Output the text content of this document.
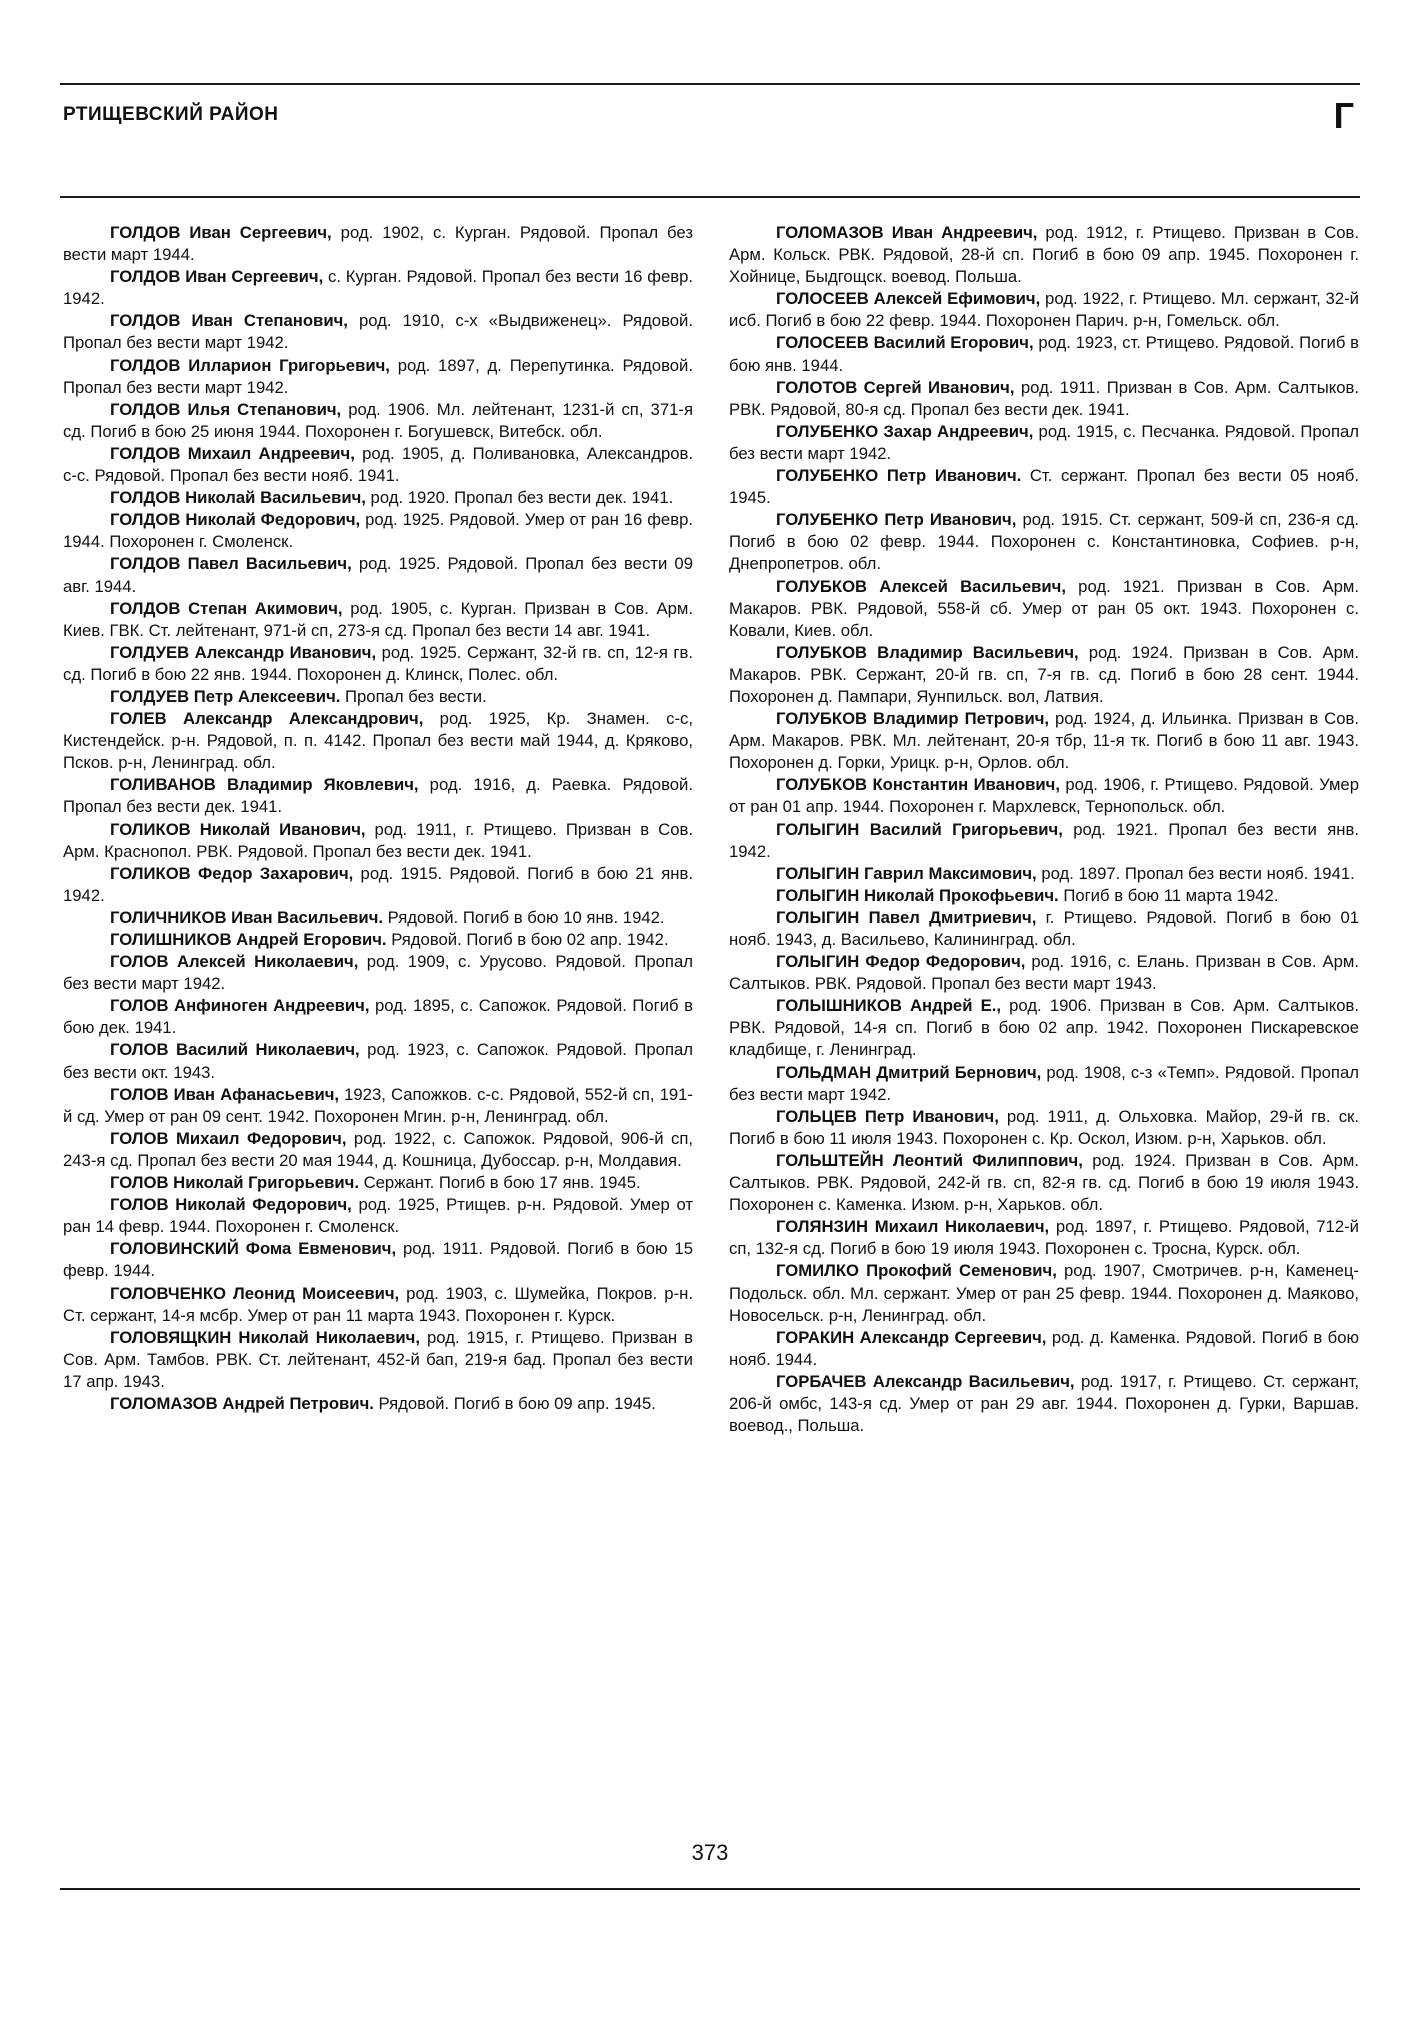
РТИЩЕВСКИЙ РАЙОН	Г

ГОЛДОВ Иван Сергеевич, род. 1902, с. Курган. Рядовой. Пропал без вести март 1944.

ГОЛДОВ Иван Сергеевич, с. Курган. Рядовой. Пропал без вести 16 февр. 1942.

ГОЛДОВ Иван Степанович, род. 1910, с-х «Выдвиженец». Рядовой. Пропал без вести март 1942.

ГОЛДОВ Илларион Григорьевич, род. 1897, д. Перепутинка. Рядовой. Пропал без вести март 1942.

ГОЛДОВ Илья Степанович, род. 1906. Мл. лейтенант, 1231-й сп, 371-я сд. Погиб в бою 25 июня 1944. Похоронен г. Богушевск, Витебск. обл.

ГОЛДОВ Михаил Андреевич, род. 1905, д. Поливановка, Александров. с-с. Рядовой. Пропал без вести нояб. 1941.

ГОЛДОВ Николай Васильевич, род. 1920. Пропал без вести дек. 1941.

ГОЛДОВ Николай Федорович, род. 1925. Рядовой. Умер от ран 16 февр. 1944. Похоронен г. Смоленск.

ГОЛДОВ Павел Васильевич, род. 1925. Рядовой. Пропал без вести 09 авг. 1944.

ГОЛДОВ Степан Акимович, род. 1905, с. Курган. Призван в Сов. Арм. Киев. ГВК. Ст. лейтенант, 971-й сп, 273-я сд. Пропал без вести 14 авг. 1941.

ГОЛДУЕВ Александр Иванович, род. 1925. Сержант, 32-й гв. сп, 12-я гв. сд. Погиб в бою 22 янв. 1944. Похоронен д. Клинск, Полес. обл.

ГОЛДУЕВ Петр Алексеевич. Пропал без вести.

ГОЛЕВ Александр Александрович, род. 1925, Кр. Знамен. с-с, Кистендейск. р-н. Рядовой, п. п. 4142. Пропал без вести май 1944, д. Кряково, Псков. р-н, Ленинград. обл.

ГОЛИВАНОВ Владимир Яковлевич, род. 1916, д. Раевка. Рядовой. Пропал без вести дек. 1941.

ГОЛИКОВ Николай Иванович, род. 1911, г. Ртищево. Призван в Сов. Арм. Краснопол. РВК. Рядовой. Пропал без вести дек. 1941.

ГОЛИКОВ Федор Захарович, род. 1915. Рядовой. Погиб в бою 21 янв. 1942.

ГОЛИЧНИКОВ Иван Васильевич. Рядовой. Погиб в бою 10 янв. 1942.

ГОЛИШНИКОВ Андрей Егорович. Рядовой. Погиб в бою 02 апр. 1942.

ГОЛОВ Алексей Николаевич, род. 1909, с. Урусово. Рядовой. Пропал без вести март 1942.

ГОЛОВ Анфиноген Андреевич, род. 1895, с. Сапожок. Рядовой. Погиб в бою дек. 1941.

ГОЛОВ Василий Николаевич, род. 1923, с. Сапожок. Рядовой. Пропал без вести окт. 1943.

ГОЛОВ Иван Афанасьевич, 1923, Сапожков. с-с. Рядовой, 552-й сп, 191-й сд. Умер от ран 09 сент. 1942. Похоронен Мгин. р-н, Ленинград. обл.

ГОЛОВ Михаил Федорович, род. 1922, с. Сапожок. Рядовой, 906-й сп, 243-я сд. Пропал без вести 20 мая 1944, д. Кошница, Дубоссар. р-н, Молдавия.

ГОЛОВ Николай Григорьевич. Сержант. Погиб в бою 17 янв. 1945.

ГОЛОВ Николай Федорович, род. 1925, Ртищев. р-н. Рядовой. Умер от ран 14 февр. 1944. Похоронен г. Смоленск.

ГОЛОВИНСКИЙ Фома Евменович, род. 1911. Рядовой. Погиб в бою 15 февр. 1944.

ГОЛОВЧЕНКО Леонид Моисеевич, род. 1903, с. Шумейка, Покров. р-н. Ст. сержант, 14-я мсбр. Умер от ран 11 марта 1943. Похоронен г. Курск.

ГОЛОВЯЩКИН Николай Николаевич, род. 1915, г. Ртищево. Призван в Сов. Арм. Тамбов. РВК. Ст. лейтенант, 452-й бап, 219-я бад. Пропал без вести 17 апр. 1943.

ГОЛОМАЗОВ Андрей Петрович. Рядовой. Погиб в бою 09 апр. 1945.

ГОЛОМАЗОВ Иван Андреевич, род. 1912, г. Ртищево. Призван в Сов. Арм. Кольск. РВК. Рядовой, 28-й сп. Погиб в бою 09 апр. 1945. Похоронен г. Хойнице, Быдгощск. воевод. Польша.

ГОЛОСЕЕВ Алексей Ефимович, род. 1922, г. Ртищево. Мл. сержант, 32-й исб. Погиб в бою 22 февр. 1944. Похоронен Парич. р-н, Гомельск. обл.

ГОЛОСЕЕВ Василий Егорович, род. 1923, ст. Ртищево. Рядовой. Погиб в бою янв. 1944.

ГОЛОТОВ Сергей Иванович, род. 1911. Призван в Сов. Арм. Салтыков. РВК. Рядовой, 80-я сд. Пропал без вести дек. 1941.

ГОЛУБЕНКО Захар Андреевич, род. 1915, с. Песчанка. Рядовой. Пропал без вести март 1942.

ГОЛУБЕНКО Петр Иванович. Ст. сержант. Пропал без вести 05 нояб. 1945.

ГОЛУБЕНКО Петр Иванович, род. 1915. Ст. сержант, 509-й сп, 236-я сд. Погиб в бою 02 февр. 1944. Похоронен с. Константиновка, Софиев. р-н, Днепропетров. обл.

ГОЛУБКОВ Алексей Васильевич, род. 1921. Призван в Сов. Арм. Макаров. РВК. Рядовой, 558-й сб. Умер от ран 05 окт. 1943. Похоронен с. Ковали, Киев. обл.

ГОЛУБКОВ Владимир Васильевич, род. 1924. Призван в Сов. Арм. Макаров. РВК. Сержант, 20-й гв. сп, 7-я гв. сд. Погиб в бою 28 сент. 1944. Похоронен д. Пампари, Яунпильск. вол, Латвия.

ГОЛУБКОВ Владимир Петрович, род. 1924, д. Ильинка. Призван в Сов. Арм. Макаров. РВК. Мл. лейтенант, 20-я тбр, 11-я тк. Погиб в бою 11 авг. 1943. Похоронен д. Горки, Урицк. р-н, Орлов. обл.

ГОЛУБКОВ Константин Иванович, род. 1906, г. Ртищево. Рядовой. Умер от ран 01 апр. 1944. Похоронен г. Мархлевск, Тернопольск. обл.

ГОЛЫГИН Василий Григорьевич, род. 1921. Пропал без вести янв. 1942.

ГОЛЫГИН Гаврил Максимович, род. 1897. Пропал без вести нояб. 1941.

ГОЛЫГИН Николай Прокофьевич. Погиб в бою 11 марта 1942.

ГОЛЫГИН Павел Дмитриевич, г. Ртищево. Рядовой. Погиб в бою 01 нояб. 1943, д. Васильево, Калининград. обл.

ГОЛЫГИН Федор Федорович, род. 1916, с. Елань. Призван в Сов. Арм. Салтыков. РВК. Рядовой. Пропал без вести март 1943.

ГОЛЫШНИКОВ Андрей Е., род. 1906. Призван в Сов. Арм. Салтыков. РВК. Рядовой, 14-я сп. Погиб в бою 02 апр. 1942. Похоронен Пискаревское кладбище, г. Ленинград.

ГОЛЬДМАН Дмитрий Бернович, род. 1908, с-з «Темп». Рядовой. Пропал без вести март 1942.

ГОЛЬЦЕВ Петр Иванович, род. 1911, д. Ольховка. Майор, 29-й гв. ск. Погиб в бою 11 июля 1943. Похоронен с. Кр. Оскол, Изюм. р-н, Харьков. обл.

ГОЛЬШТЕЙН Леонтий Филиппович, род. 1924. Призван в Сов. Арм. Салтыков. РВК. Рядовой, 242-й гв. сп, 82-я гв. сд. Погиб в бою 19 июля 1943. Похоронен с. Каменка. Изюм. р-н, Харьков. обл.

ГОЛЯНЗИН Михаил Николаевич, род. 1897, г. Ртищево. Рядовой, 712-й сп, 132-я сд. Погиб в бою 19 июля 1943. Похоронен с. Тросна, Курск. обл.

ГОМИЛКО Прокофий Семенович, род. 1907, Смотричев. р-н, Каменец-Подольск. обл. Мл. сержант. Умер от ран 25 февр. 1944. Похоронен д. Маяково, Новосельск. р-н, Ленинград. обл.

ГОРАКИН Александр Сергеевич, род. д. Каменка. Рядовой. Погиб в бою нояб. 1944.

ГОРБАЧЕВ Александр Васильевич, род. 1917, г. Ртищево. Ст. сержант, 206-й омбс, 143-я сд. Умер от ран 29 авг. 1944. Похоронен д. Гурки, Варшав. воевод., Польша.

373
